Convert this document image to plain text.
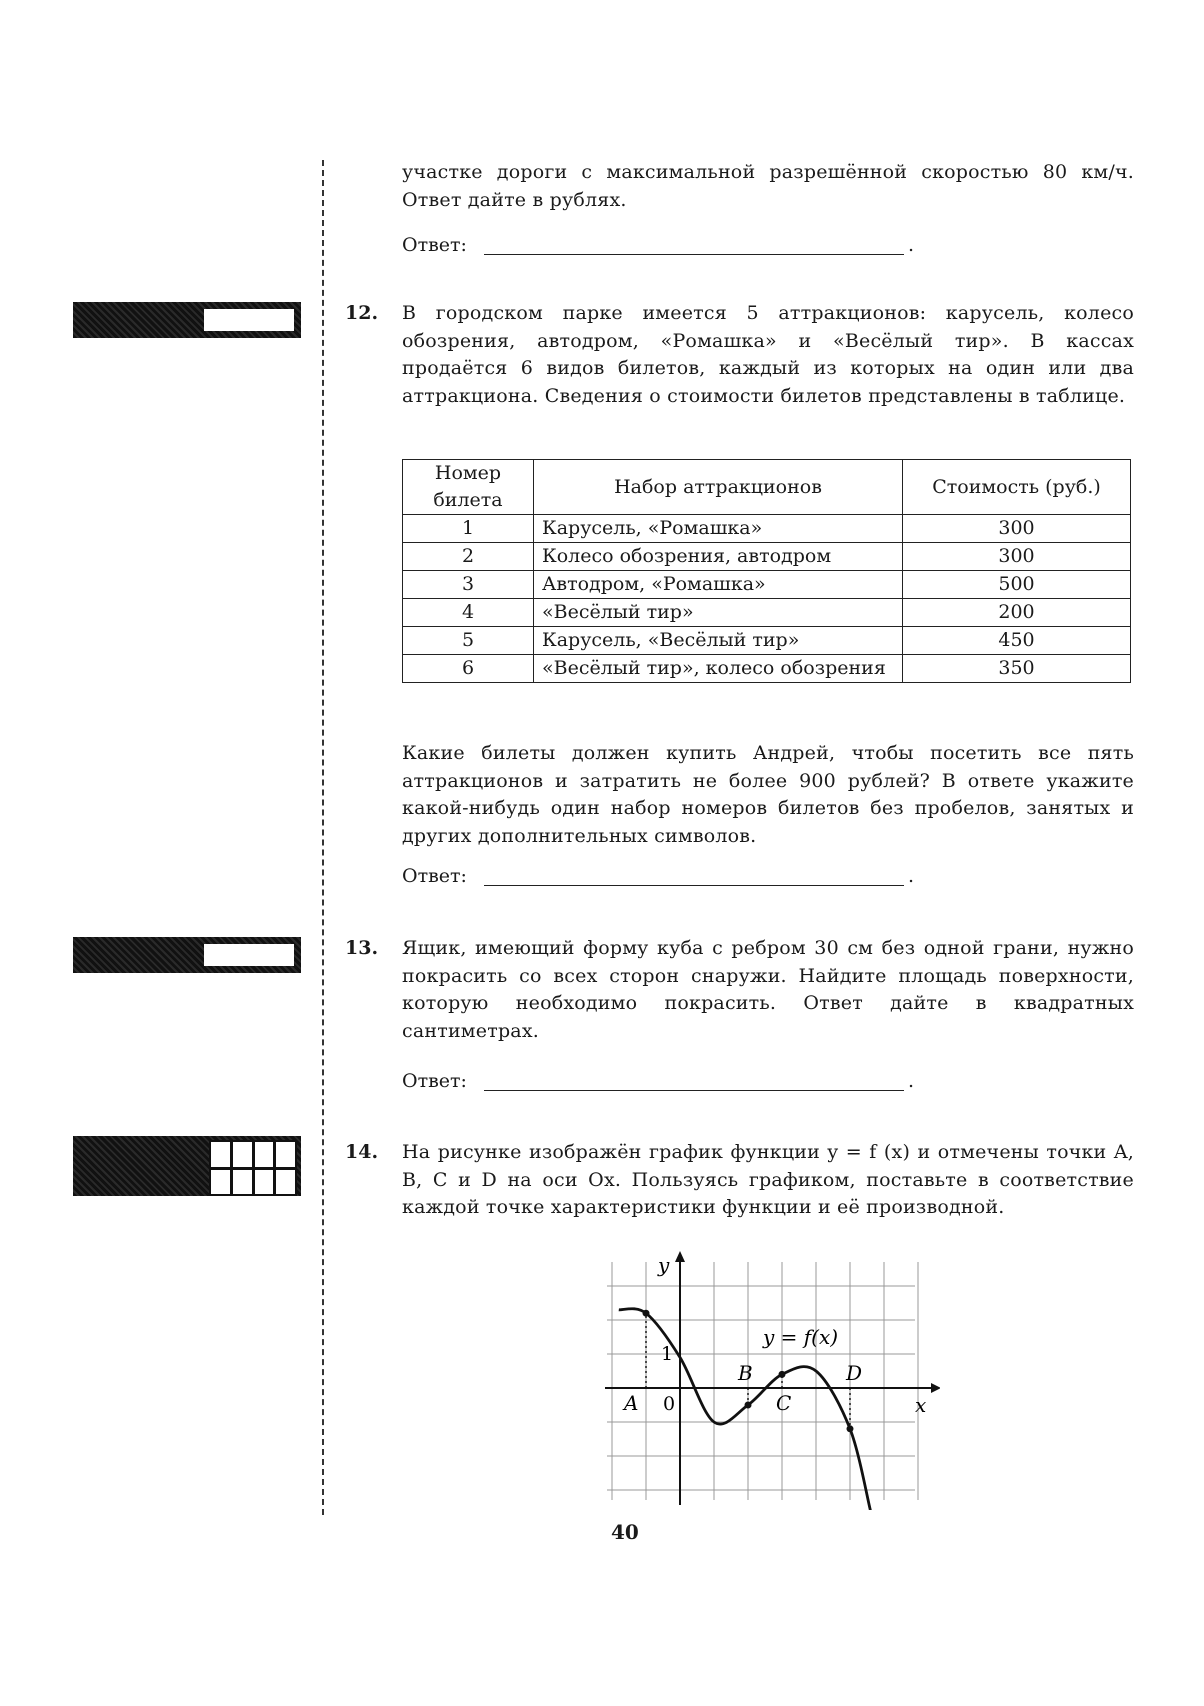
участке дороги с максимальной разрешённой скоростью 80 км/ч. Ответ дайте в рублях.
Ответ:	.
12. В городском парке имеется 5 аттракционов: карусель, колесо обозрения, автодром, «Ромашка» и «Весёлый тир». В кассах продаётся 6 видов билетов, каждый из которых на один или два аттракциона. Сведения о стоимости билетов представлены в таблице.
Номер билета	Набор аттракционов	Стоимость (руб.)
1	Карусель, «Ромашка»	300
2	Колесо обозрения, автодром	300
3	Автодром, «Ромашка»	500
4	«Весёлый тир»	200
5	Карусель, «Весёлый тир»	450
6	«Весёлый тир», колесо обозрения	350
Какие билеты должен купить Андрей, чтобы посетить все пять аттракционов и затратить не более 900 рублей? В ответе укажите какой-нибудь один набор номеров билетов без пробелов, занятых и других дополнительных символов.
Ответ:	.
13. Ящик, имеющий форму куба с ребром 30 см без одной грани, нужно покрасить со всех сторон снаружи. Найдите площадь поверхности, которую необходимо покрасить. Ответ дайте в квадратных сантиметрах.
Ответ:	.
14. На рисунке изображён график функции y = f (x) и отмечены точки A, B, C и D на оси Ox. Пользуясь графиком, поставьте в соответствие каждой точке характеристики функции и её производной.
y
x
y = f(x)
0
1
A
B
C
D
40
